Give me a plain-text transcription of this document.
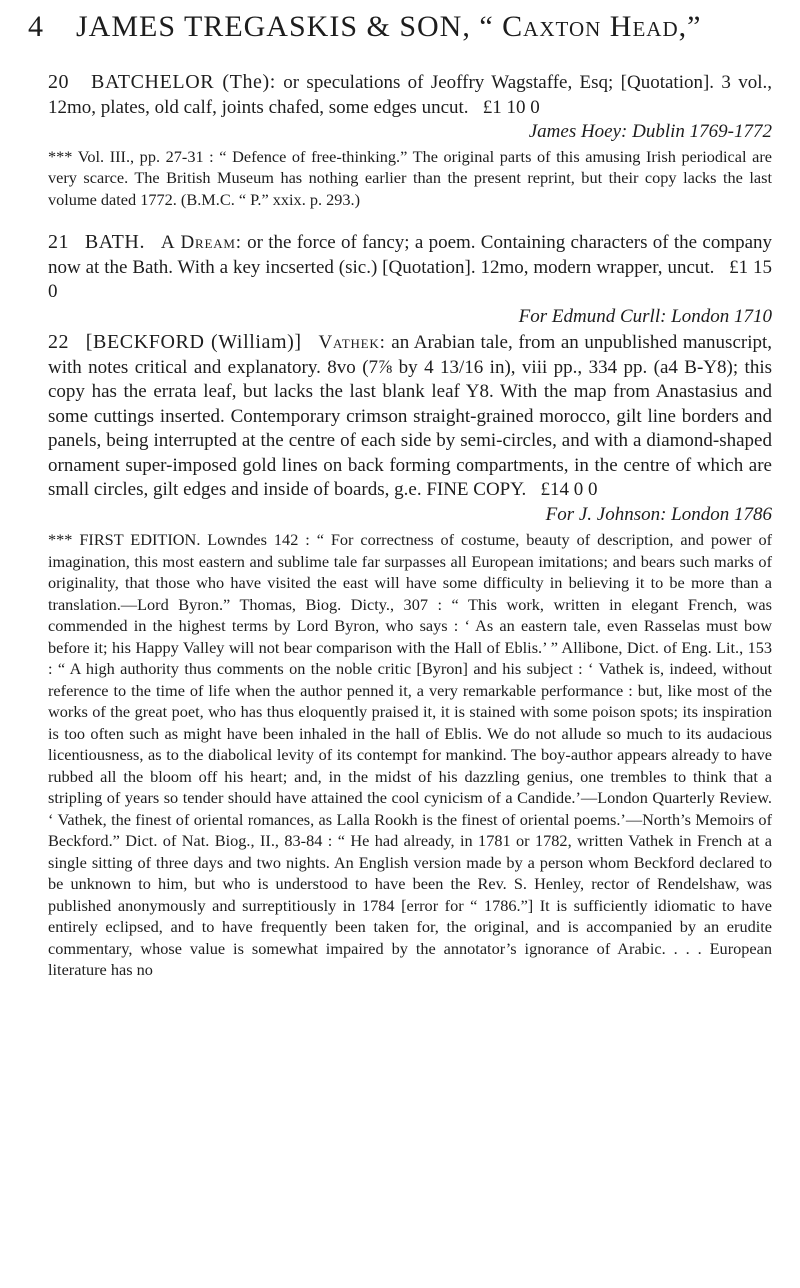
4 JAMES TREGASKIS & SON, “ Caxton Head,”

20 BATCHELOR (The): or speculations of Jeoffry Wagstaffe, Esq; [Quotation]. 3 vol., 12mo, plates, old calf, joints chafed, some edges uncut. £1 10 0
James Hoey: Dublin 1769-1772

*** Vol. III., pp. 27-31 : “ Defence of free-thinking.” The original parts of this amusing Irish periodical are very scarce. The British Museum has nothing earlier than the present reprint, but their copy lacks the last volume dated 1772. (B.M.C. “ P.” xxix. p. 293.)

21 BATH. A Dream: or the force of fancy; a poem. Containing characters of the company now at the Bath. With a key incserted (sic.) [Quotation]. 12mo, modern wrapper, uncut. £1 15 0
For Edmund Curll: London 1710

22 [BECKFORD (William)] Vathek: an Arabian tale, from an unpublished manuscript, with notes critical and explanatory. 8vo (7⅞ by 4 13/16 in), viii pp., 334 pp. (a4 B-Y8); this copy has the errata leaf, but lacks the last blank leaf Y8. With the map from Anastasius and some cuttings inserted. Contemporary crimson straight-grained morocco, gilt line borders and panels, being interrupted at the centre of each side by semi-circles, and with a diamond-shaped ornament super-imposed gold lines on back forming compartments, in the centre of which are small circles, gilt edges and inside of boards, g.e. FINE COPY. £14 0 0
For J. Johnson: London 1786

*** FIRST EDITION. Lowndes 142 : “ For correctness of costume, beauty of description, and power of imagination, this most eastern and sublime tale far surpasses all European imitations; and bears such marks of originality, that those who have visited the east will have some difficulty in believing it to be more than a translation.—Lord Byron.” Thomas, Biog. Dicty., 307 : “ This work, written in elegant French, was commended in the highest terms by Lord Byron, who says : ‘ As an eastern tale, even Rasselas must bow before it; his Happy Valley will not bear comparison with the Hall of Eblis.’ ” Allibone, Dict. of Eng. Lit., 153 : “ A high authority thus comments on the noble critic [Byron] and his subject : ‘ Vathek is, indeed, without reference to the time of life when the author penned it, a very remarkable performance : but, like most of the works of the great poet, who has thus eloquently praised it, it is stained with some poison spots; its inspiration is too often such as might have been inhaled in the hall of Eblis. We do not allude so much to its audacious licentiousness, as to the diabolical levity of its contempt for mankind. The boy-author appears already to have rubbed all the bloom off his heart; and, in the midst of his dazzling genius, one trembles to think that a stripling of years so tender should have attained the cool cynicism of a Candide.’—London Quarterly Review. ‘ Vathek, the finest of oriental romances, as Lalla Rookh is the finest of oriental poems.’—North’s Memoirs of Beckford.” Dict. of Nat. Biog., II., 83-84 : “ He had already, in 1781 or 1782, written Vathek in French at a single sitting of three days and two nights. An English version made by a person whom Beckford declared to be unknown to him, but who is understood to have been the Rev. S. Henley, rector of Rendelshaw, was published anonymously and surreptitiously in 1784 [error for “ 1786.”] It is sufficiently idiomatic to have entirely eclipsed, and to have frequently been taken for, the original, and is accompanied by an erudite commentary, whose value is somewhat impaired by the annotator’s ignorance of Arabic. . . . European literature has no
